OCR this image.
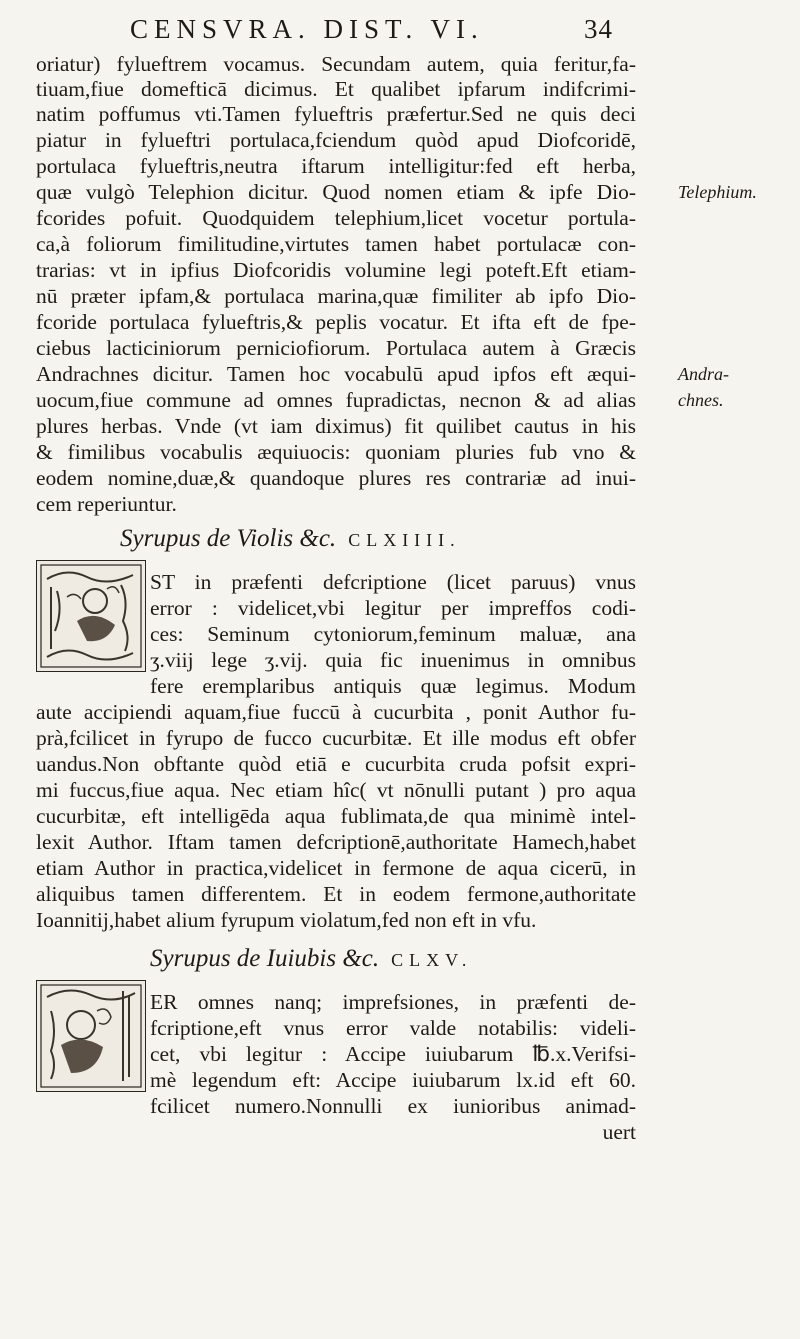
CENSVRA. DIST. VI.	34
oriatur) fylueftrem vocamus. Secundam autem, quia feritur,fa-
tiuam,fiue domefticā dicimus. Et qualibet ipfarum indifcrimi-
natim poffumus vti.Tamen fylueftris præfertur.Sed ne quis deci
piatur in fylueftri portulaca,fciendum quòd apud Diofcoridē,
portulaca fylueftris,neutra iftarum intelligitur:fed eft herba,
quæ vulgò Telephion dicitur. Quod nomen etiam & ipfe Dio-
fcorides pofuit. Quodquidem telephium,licet vocetur portula-
ca,à foliorum fimilitudine,virtutes tamen habet portulacæ con-
trarias: vt in ipfius Diofcoridis volumine legi poteft.Eft etiam-
nū præter ipfam,& portulaca marina,quæ fimiliter ab ipfo Dio-
fcoride portulaca fylueftris,& peplis vocatur. Et ifta eft de fpe-
ciebus lacticiniorum perniciofiorum. Portulaca autem à Græcis
Andrachnes dicitur. Tamen hoc vocabulū apud ipfos eft æqui-
uocum,fiue commune ad omnes fupradictas, necnon & ad alias
plures herbas. Vnde (vt iam diximus) fit quilibet cautus in his
& fimilibus vocabulis æquiuocis: quoniam pluries fub vno &
eodem nomine,duæ,& quandoque plures res contrariæ ad inui-
cem reperiuntur.
Telephium.
Andra-
chnes.
Syrupus de Violis &c. CLXIIII.
ST in præfenti defcriptione (licet paruus) vnus
error : videlicet,vbi legitur per impreffos codi-
ces: Seminum cytoniorum,feminum maluæ, ana
ʒ.viij lege ʒ.vij. quia fic inuenimus in omnibus
fere eremplaribus antiquis quæ legimus. Modum
aute accipiendi aquam,fiue fuccū à cucurbita , ponit Author fu-
prà,fcilicet in fyrupo de fucco cucurbitæ. Et ille modus eft obfer
uandus.Non obftante quòd etiā e cucurbita cruda pofsit expri-
mi fuccus,fiue aqua. Nec etiam hîc( vt nōnulli putant ) pro aqua
cucurbitæ, eft intelligēda aqua fublimata,de qua minimè intel-
lexit Author. Iftam tamen defcriptionē,authoritate Hamech,habet
etiam Author in practica,videlicet in fermone de aqua cicerū, in
aliquibus tamen differentem. Et in eodem fermone,authoritate
Ioannitij,habet alium fyrupum violatum,fed non eft in vfu.
Syrupus de Iuiubis &c. CLXV.
ER omnes nanq; imprefsiones, in præfenti de-
fcriptione,eft vnus error valde notabilis: videli-
cet, vbi legitur : Accipe iuiubarum ℔.x.Verifsi-
mè legendum eft: Accipe iuiubarum lx.id eft 60.
fcilicet numero.Nonnulli ex iunioribus animad-
uert
